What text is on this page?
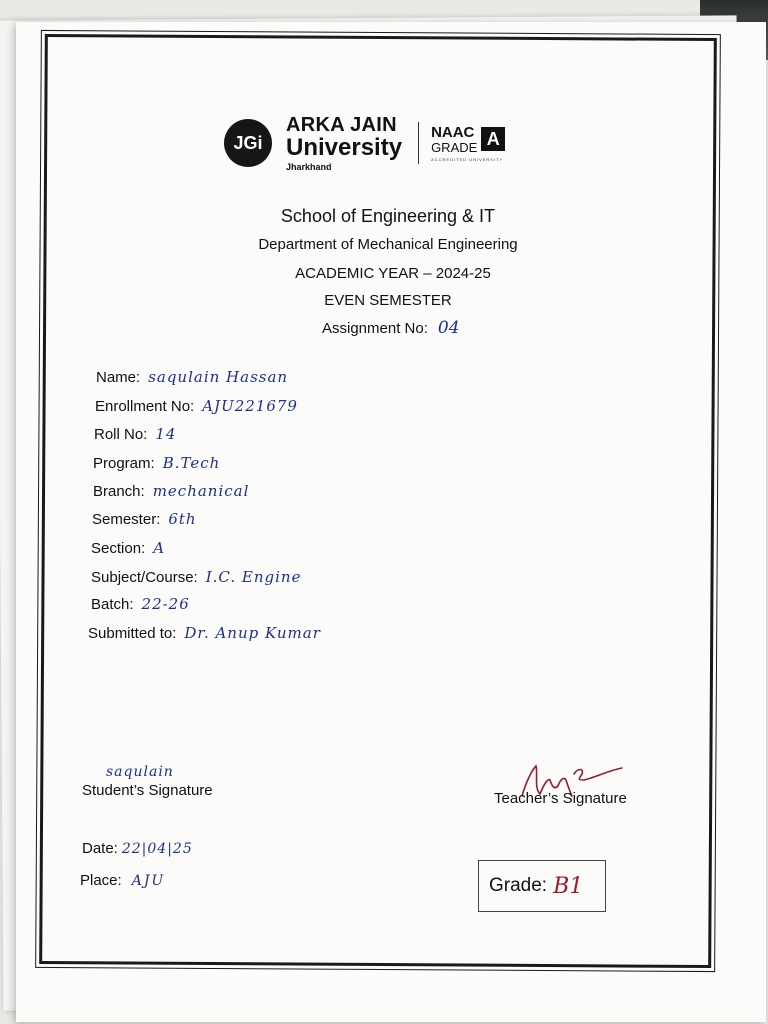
JGi
ARKA JAIN
University
Jharkhand
NAAC
GRADE A
ACCREDITED UNIVERSITY
School of Engineering & IT
Department of Mechanical Engineering
ACADEMIC YEAR – 2024-25
EVEN SEMESTER
Assignment No: 04
Name: saqulain Hassan
Enrollment No: AJU221679
Roll No: 14
Program: B.Tech
Branch: mechanical
Semester: 6th
Section: A
Subject/Course: I.C. Engine
Batch: 22-26
Submitted to: Dr. Anup Kumar
saqulain
Student’s Signature	Teacher’s Signature
Date: 22|04|25
Place: AJU	Grade: B1
